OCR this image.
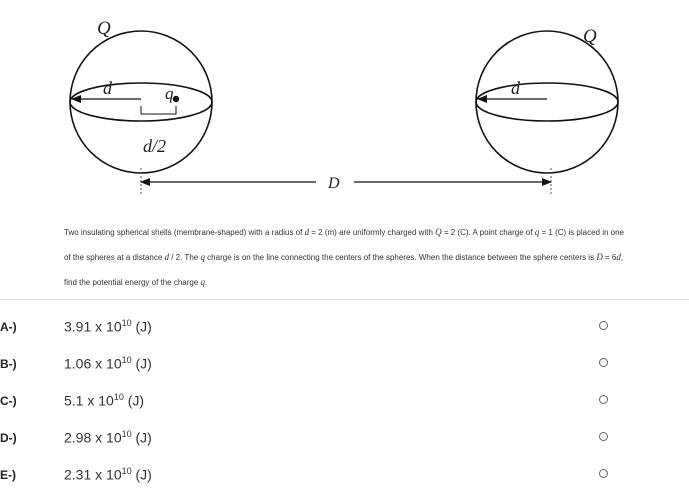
Q	Q
d	d
q
d/2
D
Two insulating spherical shells (membrane-shaped) with a radius of d = 2 (m) are uniformly charged with Q = 2 (C). A point charge of q = 1 (C) is placed in one of the spheres at a distance d / 2. The q charge is on the line connecting the centers of the spheres. When the distance between the sphere centers is D = 6d, find the potential energy of the charge q.
A-)	3.91 x $10^{10}$ (J)
B-)	1.06 x $10^{10}$ (J)
C-)	5.1 x $10^{10}$ (J)
D-)	2.98 x $10^{10}$ (J)
E-)	2.31 x $10^{10}$ (J)
